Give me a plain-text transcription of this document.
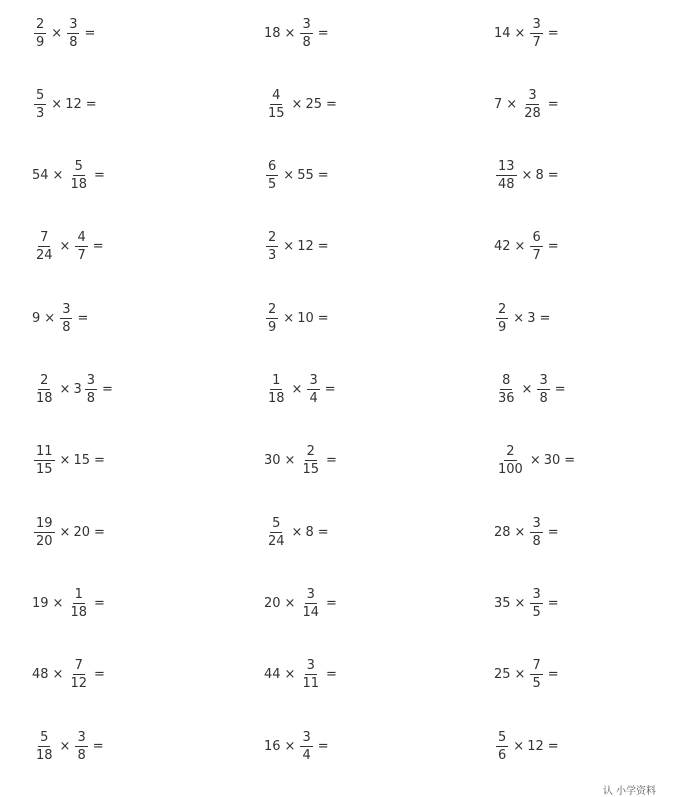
$\frac{2}{9} \times \frac{3}{8}$ =	$18 \times \frac{3}{8}$ =	$14 \times \frac{3}{7}$ =
$\frac{5}{3} \times 12$ =	$\frac{4}{15} \times 25$ =	$7 \times \frac{3}{28}$ =
$54 \times \frac{5}{18}$ =	$\frac{6}{5} \times 55$ =	$\frac{13}{48} \times 8$ =
$\frac{7}{24} \times \frac{4}{7}$ =	$\frac{2}{3} \times 12$ =	$42 \times \frac{6}{7}$ =
$9 \times \frac{3}{8}$ =	$\frac{2}{9} \times 10$ =	$\frac{2}{9} \times 3$ =
$\frac{2}{18} \times 3 \frac{3}{8}$ =	$\frac{1}{18} \times \frac{3}{4}$ =	$\frac{8}{36} \times \frac{3}{8}$ =
$\frac{11}{15} \times 15$ =	$30 \times \frac{2}{15}$ =	$\frac{2}{100} \times 30$ =
$\frac{19}{20} \times 20$ =	$\frac{5}{24} \times 8$ =	$28 \times \frac{3}{8}$ =
$19 \times \frac{1}{18}$ =	$20 \times \frac{3}{14}$ =	$35 \times \frac{3}{5}$ =
$48 \times \frac{7}{12}$ =	$44 \times \frac{3}{11}$ =	$25 \times \frac{7}{5}$ =
$\frac{5}{18} \times \frac{3}{8}$ =	$16 \times \frac{3}{4}$ =	$\frac{5}{6} \times 12$ =
认 小学资料
